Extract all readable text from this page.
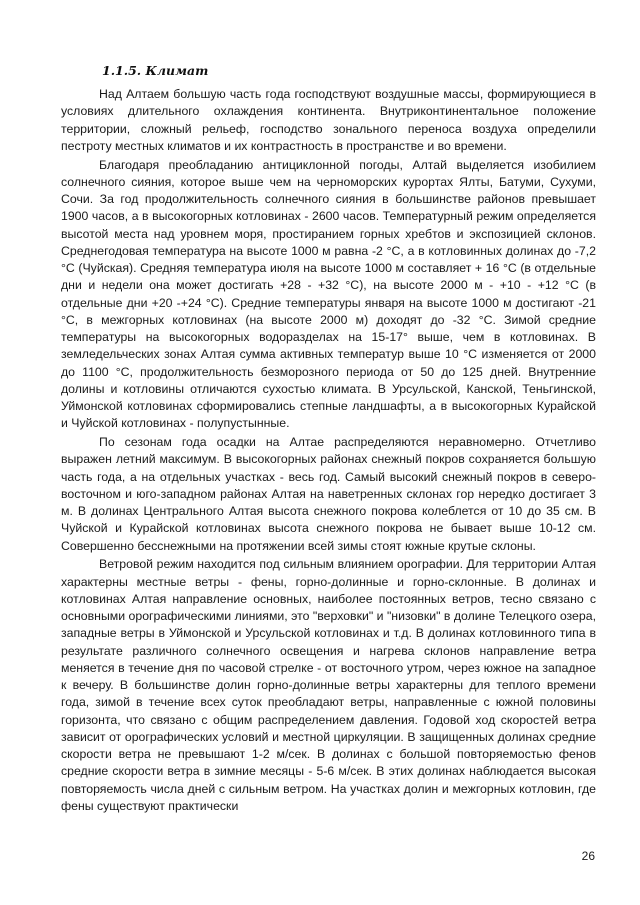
1.1.5. Климат

Над Алтаем большую часть года господствуют воздушные массы, формирующиеся в условиях длительного охлаждения континента. Внутриконтинентальное положение территории, сложный рельеф, господство зонального переноса воздуха определили пестроту местных климатов и их контрастность в пространстве и во времени.

Благодаря преобладанию антициклонной погоды, Алтай выделяется изобилием солнечного сияния, которое выше чем на черноморских курортах Ялты, Батуми, Сухуми, Сочи. За год продолжительность солнечного сияния в большинстве районов превышает 1900 часов, а в высокогорных котловинах - 2600 часов. Температурный режим определяется высотой места над уровнем моря, простиранием горных хребтов и экспозицией склонов. Среднегодовая температура на высоте 1000 м равна -2 °С, а в котловинных долинах до -7,2 °С (Чуйская). Средняя температура июля на высоте 1000 м составляет + 16 °С (в отдельные дни и недели она может достигать +28 - +32 °С), на высоте 2000 м - +10 - +12 °С (в отдельные дни +20 -+24 °С). Средние температуры января на высоте 1000 м достигают -21 °С, в межгорных котловинах (на высоте 2000 м) доходят до -32 °С. Зимой средние температуры на высокогорных водоразделах на 15-17° выше, чем в котловинах. В земледельческих зонах Алтая сумма активных температур выше 10 °С изменяется от 2000 до 1100 °С, продолжительность безморозного периода от 50 до 125 дней. Внутренние долины и котловины отличаются сухостью климата. В Урсульской, Канской, Теньгинской, Уймонской котловинах сформировались степные ландшафты, а в высокогорных Курайской и Чуйской котловинах - полупустынные.

По сезонам года осадки на Алтае распределяются неравномерно. Отчетливо выражен летний максимум. В высокогорных районах снежный покров сохраняется большую часть года, а на отдельных участках - весь год. Самый высокий снежный покров в северо-восточном и юго-западном районах Алтая на наветренных склонах гор нередко достигает 3 м. В долинах Центрального Алтая высота снежного покрова колеблется от 10 до 35 см. В Чуйской и Курайской котловинах высота снежного покрова не бывает выше 10-12 см. Совершенно бесснежными на протяжении всей зимы стоят южные крутые склоны.

Ветровой режим находится под сильным влиянием орографии. Для территории Алтая характерны местные ветры - фены, горно-долинные и горно-склонные. В долинах и котловинах Алтая направление основных, наиболее постоянных ветров, тесно связано с основными орографическими линиями, это "верховки" и "низовки" в долине Телецкого озера, западные ветры в Уймонской и Урсульской котловинах и т.д. В долинах котловинного типа в результате различного солнечного освещения и нагрева склонов направление ветра меняется в течение дня по часовой стрелке - от восточного утром, через южное на западное к вечеру. В большинстве долин горно-долинные ветры характерны для теплого времени года, зимой в течение всех суток преобладают ветры, направленные с южной половины горизонта, что связано с общим распределением давления. Годовой ход скоростей ветра зависит от орографических условий и местной циркуляции. В защищенных долинах средние скорости ветра не превышают 1-2 м/сек. В долинах с большой повторяемостью фенов средние скорости ветра в зимние месяцы - 5-6 м/сек. В этих долинах наблюдается высокая повторяемость числа дней с сильным ветром. На участках долин и межгорных котловин, где фены существуют практически

26
